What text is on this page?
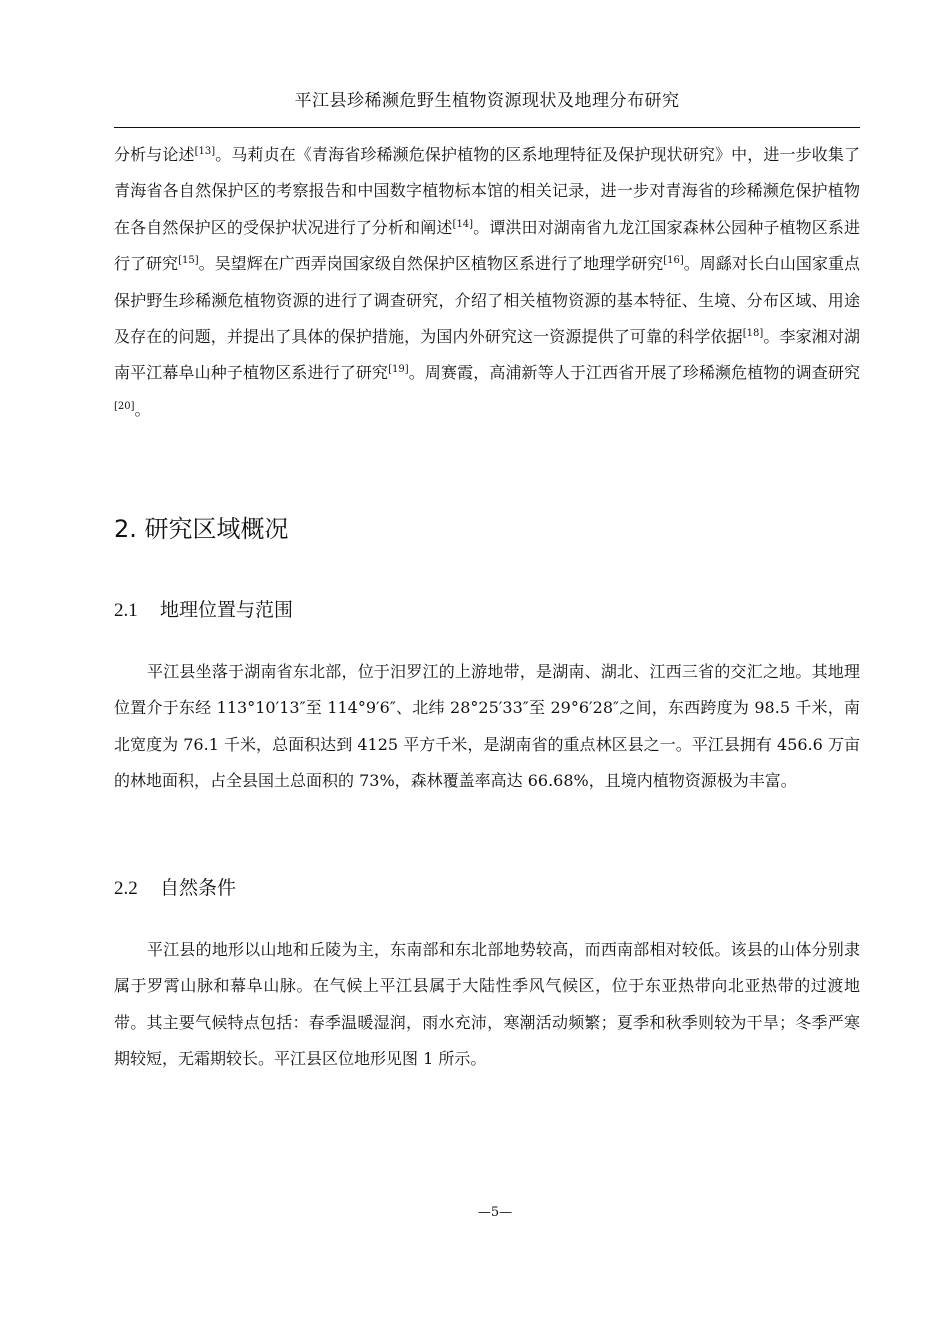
平江县珍稀濒危野生植物资源现状及地理分布研究

分析与论述[13]。马莉贞在《青海省珍稀濒危保护植物的区系地理特征及保护现状研究》中，进一步收集了青海省各自然保护区的考察报告和中国数字植物标本馆的相关记录，进一步对青海省的珍稀濒危保护植物在各自然保护区的受保护状况进行了分析和阐述[14]。谭洪田对湖南省九龙江国家森林公园种子植物区系进行了研究[15]。吴望辉在广西弄岗国家级自然保护区植物区系进行了地理学研究[16]。周繇对长白山国家重点保护野生珍稀濒危植物资源的进行了调查研究，介绍了相关植物资源的基本特征、生境、分布区域、用途及存在的问题，并提出了具体的保护措施，为国内外研究这一资源提供了可靠的科学依据[18]。李家湘对湖南平江幕阜山种子植物区系进行了研究[19]。周赛霞，高浦新等人于江西省开展了珍稀濒危植物的调查研究[20]。

2. 研究区域概况
2.1 地理位置与范围

平江县坐落于湖南省东北部，位于汨罗江的上游地带，是湖南、湖北、江西三省的交汇之地。其地理位置介于东经 113°10′13″至 114°9′6″、北纬 28°25′33″至 29°6′28″之间，东西跨度为 98.5 千米，南北宽度为 76.1 千米，总面积达到 4125 平方千米，是湖南省的重点林区县之一。平江县拥有 456.6 万亩的林地面积，占全县国土总面积的 73%，森林覆盖率高达 66.68%，且境内植物资源极为丰富。

2.2 自然条件

平江县的地形以山地和丘陵为主，东南部和东北部地势较高，而西南部相对较低。该县的山体分别隶属于罗霄山脉和幕阜山脉。在气候上平江县属于大陆性季风气候区，位于东亚热带向北亚热带的过渡地带。其主要气候特点包括：春季温暖湿润，雨水充沛，寒潮活动频繁；夏季和秋季则较为干旱；冬季严寒期较短，无霜期较长。平江县区位地形见图 1 所示。

—5—
